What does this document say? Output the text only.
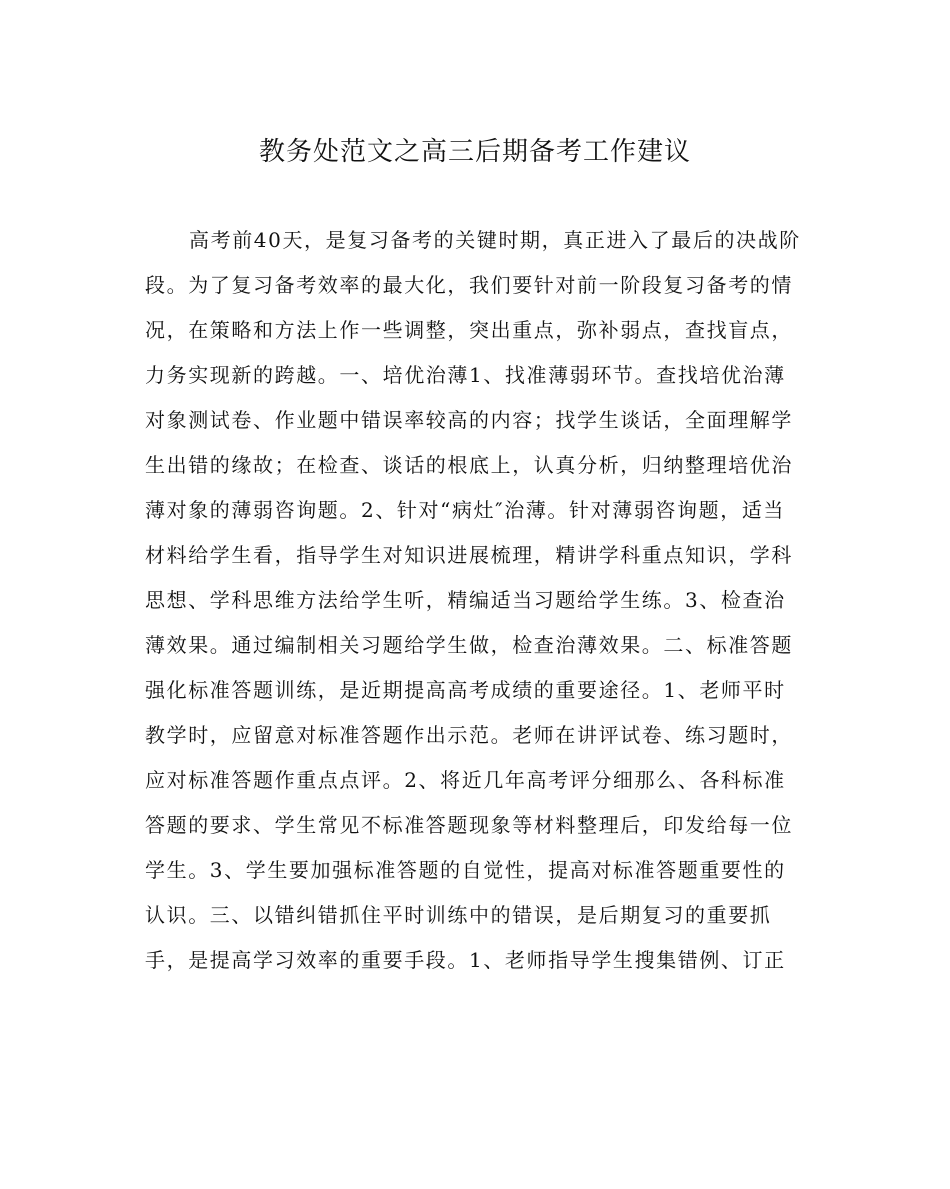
教务处范文之高三后期备考工作建议
高考前40天，是复习备考的关键时期，真正进入了最后的决战阶
段。为了复习备考效率的最大化，我们要针对前一阶段复习备考的情
况，在策略和方法上作一些调整，突出重点，弥补弱点，查找盲点，
力务实现新的跨越。一、培优治薄1、找准薄弱环节。查找培优治薄
对象测试卷、作业题中错误率较高的内容；找学生谈话，全面理解学
生出错的缘故；在检查、谈话的根底上，认真分析，归纳整理培优治
薄对象的薄弱咨询题。2、针对“病灶″治薄。针对薄弱咨询题，适当
材料给学生看，指导学生对知识进展梳理，精讲学科重点知识，学科
思想、学科思维方法给学生听，精编适当习题给学生练。3、检查治
薄效果。通过编制相关习题给学生做，检查治薄效果。二、标准答题
强化标准答题训练，是近期提高高考成绩的重要途径。1、老师平时
教学时，应留意对标准答题作出示范。老师在讲评试卷、练习题时，
应对标准答题作重点点评。2、将近几年高考评分细那么、各科标准
答题的要求、学生常见不标准答题现象等材料整理后，印发给每一位
学生。3、学生要加强标准答题的自觉性，提高对标准答题重要性的
认识。三、以错纠错抓住平时训练中的错误，是后期复习的重要抓
手，是提高学习效率的重要手段。1、老师指导学生搜集错例、订正
